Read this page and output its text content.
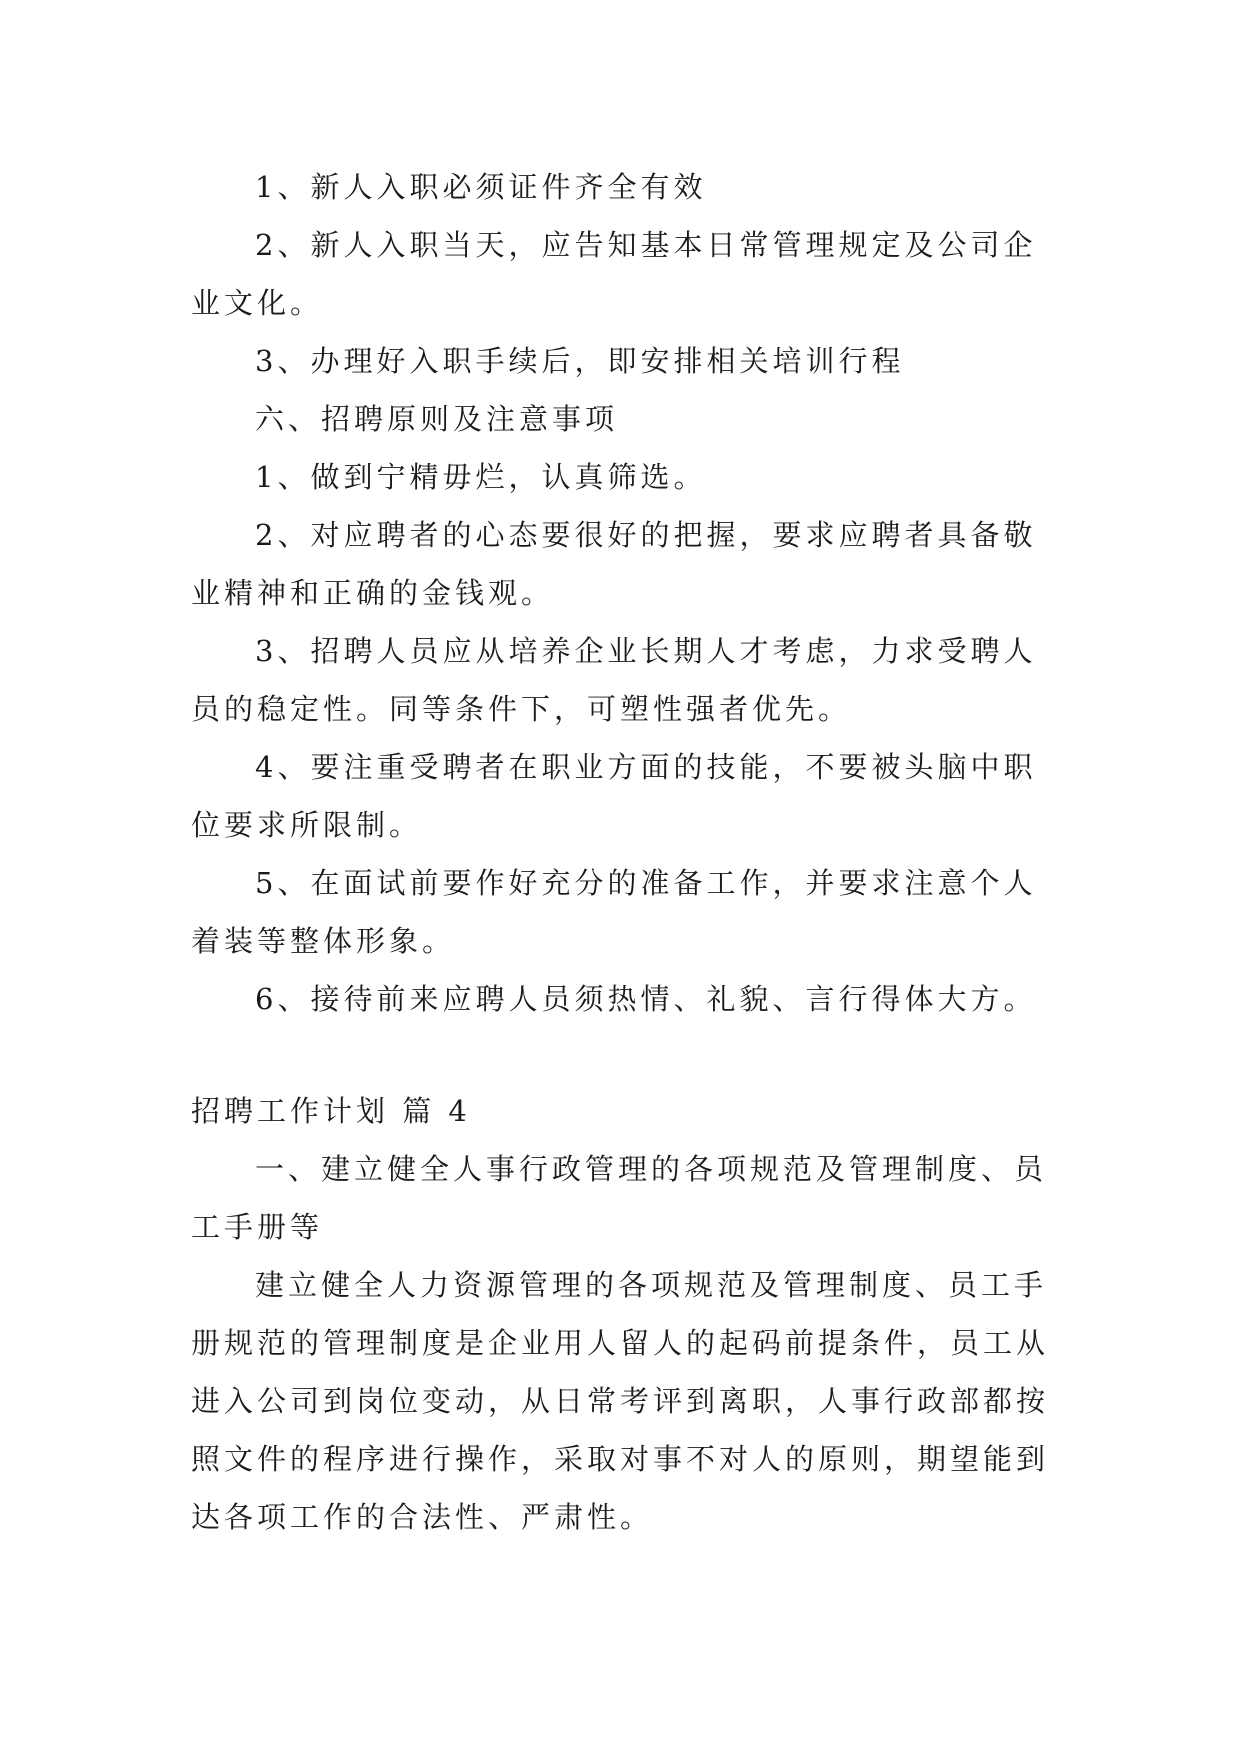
1、新人入职必须证件齐全有效

2、新人入职当天，应告知基本日常管理规定及公司企业文化。

3、办理好入职手续后，即安排相关培训行程

六、招聘原则及注意事项

1、做到宁精毋烂，认真筛选。

2、对应聘者的心态要很好的把握，要求应聘者具备敬业精神和正确的金钱观。

3、招聘人员应从培养企业长期人才考虑，力求受聘人员的稳定性。同等条件下，可塑性强者优先。

4、要注重受聘者在职业方面的技能，不要被头脑中职位要求所限制。

5、在面试前要作好充分的准备工作，并要求注意个人着装等整体形象。

6、接待前来应聘人员须热情、礼貌、言行得体大方。

招聘工作计划 篇 4

一、建立健全人事行政管理的各项规范及管理制度、员工手册等

建立健全人力资源管理的各项规范及管理制度、员工手册规范的管理制度是企业用人留人的起码前提条件，员工从进入公司到岗位变动，从日常考评到离职，人事行政部都按照文件的程序进行操作，采取对事不对人的原则，期望能到达各项工作的合法性、严肃性。
